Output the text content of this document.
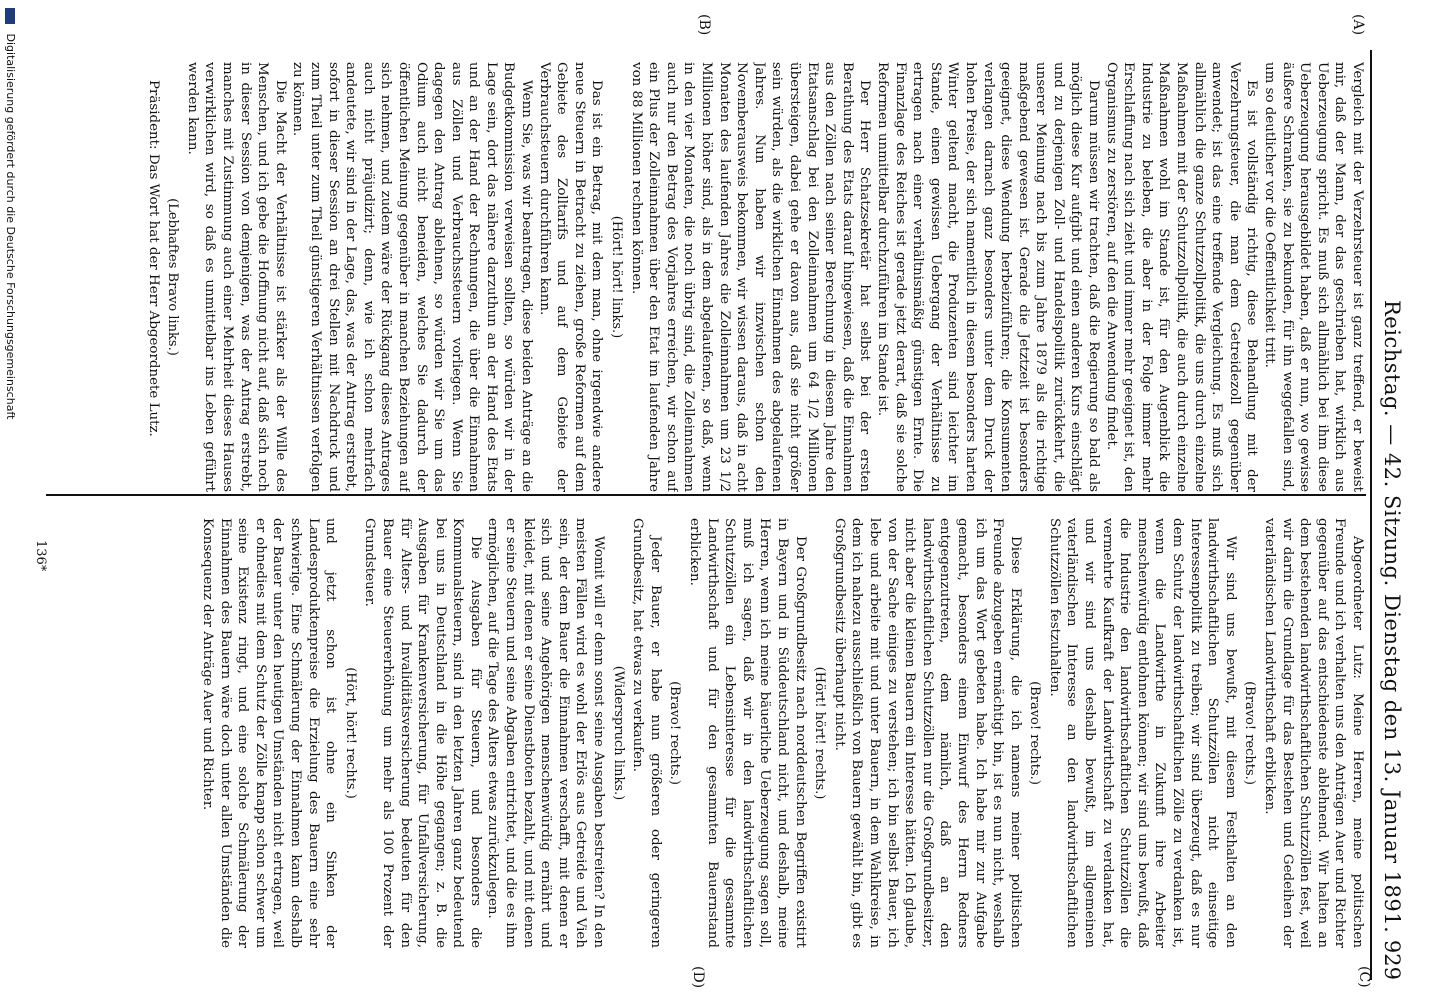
Reichstag. — 42. Sitzung. Dienstag den 13. Januar 1891.
929
(A)
(B)
(C)
(D)

Vergleich mit der Verzehrsteuer ist ganz treffend, er beweist mir, daß der Mann, der das geschrieben hat, wirklich aus Ueberzeugung spricht. Es muß sich allmählich bei ihm diese Ueberzeugung herausgebildet haben, daß er nun, wo gewisse äußere Schranken, sie zu bekunden, für ihn weggefallen sind, um so deutlicher vor die Oeffentlichkeit tritt.

Es ist vollständig richtig, diese Behandlung mit der Verzehrungsteuer, die man dem Getreidezoll gegenüber anwendet; ist das eine treffende Vergleichung. Es muß sich allmählich die ganze Schutzzollpolitik, die uns durch einzelne Maßnahmen mit der Schutzzollpolitik, die auch durch einzelne Maßnahmen wohl im Stande ist, für den Augenblick die Industrie zu beleben, die aber in der Folge immer mehr Erschlaffung nach sich zieht und immer mehr geeignet ist, den Organismus zu zerstören, auf den die Anwendung findet.

Darum müssen wir trachten, daß die Regierung so bald als möglich diese Kur aufgibt und einen anderen Kurs einschlägt und zu derjenigen Zoll- und Handelspolitik zurückkehrt, die unserer Meinung nach bis zum Jahre 1879 als die richtige maßgebend gewesen ist. Gerade die Jetztzeit ist besonders geeignet, diese Wendung herbeizuführen; die Konsumenten verlangen darnach ganz besonders unter dem Druck der hohen Preise, der sich namentlich in diesem besonders harten Winter geltend macht, die Produzenten sind leichter im Stande, einen gewissen Uebergang der Verhältnisse zu ertragen nach einer verhältnismäßig günstigen Ernte. Die Finanzlage des Reiches ist gerade jetzt derart, daß sie solche Reformen unmittelbar durchzuführen im Stande ist.

Der Herr Schatzsekretär hat selbst bei der ersten Berathung des Etats darauf hingewiesen, daß die Einnahmen aus den Zöllen nach seiner Berechnung in diesem Jahre den Etatsanschlag bei den Zolleinnahmen um 64 1/2 Millionen übersteigen, dabei gehe er davon aus, daß sie nicht größer sein würden, als die wirklichen Einnahmen des abgelaufenen Jahres. Nun haben wir inzwischen schon den Novemberausweis bekommen, wir wissen daraus, daß in acht Monaten des laufenden Jahres die Zolleinnahmen um 23 1/2 Millionen höher sind, als in dem abgelaufenen, so daß, wenn in den vier Monaten, die noch übrig sind, die Zolleinnahmen auch nur den Betrag des Vorjahres erreichen, wir schon auf ein Plus der Zolleinnahmen über den Etat im laufenden Jahre von 88 Millionen rechnen können.

(Hört! hört! links.)

Das ist ein Betrag, mit dem man, ohne irgendwie andere neue Steuern in Betracht zu ziehen, große Reformen auf dem Gebiete des Zolltarifs und auf dem Gebiete der Verbrauchsteuern durchführen kann.

Wenn Sie, was wir beantragen, diese beiden Anträge an die Budgetkommission verweisen sollten, so würden wir in der Lage sein, dort das nähere darzuthun an der Hand des Etats und an der Hand der Rechnungen, die über die Einnahmen aus Zöllen und Verbrauchssteuern vorliegen. Wenn Sie dagegen den Antrag ablehnen, so würden wir Sie um das Odium auch nicht beneiden, welches Sie dadurch der öffentlichen Meinung gegenüber in manchen Beziehungen auf sich nehmen, und zudem wäre der Rückgang dieses Antrages auch nicht präjudizirt; denn, wie ich schon mehrfach andeutete, wir sind in der Lage, das, was der Antrag erstrebt, sofort in dieser Session an drei Stellen mit Nachdruck und zum Theil unter zum Theil günstigeren Verhältnissen verfolgen zu können.

Die Macht der Verhältnisse ist stärker als der Wille des Menschen, und ich gebe die Hoffnung nicht auf, daß sich noch in dieser Session von demjenigen, was der Antrag erstrebt, manches mit Zustimmung auch einer Mehrheit dieses Hauses verwirklichen wird, so daß es unmittelbar ins Leben geführt werden kann.

(Lebhaftes Bravo links.)

Präsident: Das Wort hat der Herr Abgeordnete Lutz.

Abgeordneter Lutz: Meine Herren, meine politischen Freunde und ich verhalten uns den Anträgen Auer und Richter gegenüber auf das entschiedenste ablehnend. Wir halten an dem bestehenden landwirthschaftlichen Schutzzöllen fest, weil wir darin die Grundlage für das Bestehen und Gedeihen der vaterländischen Landwirthschaft erblicken.

(Bravo! rechts.)

Wir sind uns bewußt, mit diesem Festhalten an den landwirthschaftlichen Schutzzöllen nicht einseitige Interessenpolitik zu treiben; wir sind überzeugt, daß es nur dem Schutz der landwirthschaftlichen Zölle zu verdanken ist, wenn die Landwirthe in Zukunft ihre Arbeiter menschenwürdig entlohnen können; wir sind uns bewußt, daß die Industrie den landwirthschaftlichen Schutzzöllen die vermehrte Kaufkraft der Landwirthschaft zu verdanken hat, und wir sind uns deshalb bewußt, im allgemeinen vaterländischen Interesse an den landwirthschaftlichen Schutzzöllen festzuhalten.

(Bravo! rechts.)

Diese Erklärung, die ich namens meiner politischen Freunde abzugeben ermächtigt bin, ist es nun nicht, weshalb ich um das Wort gebeten habe. Ich habe mir zur Aufgabe gemacht, besonders einem Einwurf des Herrn Redners entgegenzutreten, dem nämlich, daß an den landwirthschaftlichen Schutzzöllen nur die Großgrundbesitzer, nicht aber die kleinen Bauern ein Interesse hätten. Ich glaube, von der Sache einiges zu verstehen; ich bin selbst Bauer, ich lebe und arbeite mit und unter Bauern, in dem Wahlkreise, in dem ich nahezu ausschließlich von Bauern gewählt bin, gibt es Großgrundbesitz überhaupt nicht.

(Hört! hört! rechts.)

Der Großgrundbesitz nach norddeutschen Begriffen existirt in Bayern und in Süddeutschland nicht, und deshalb, meine Herren, wenn ich meine bäuerliche Ueberzeugung sagen soll, muß ich sagen, daß wir in den landwirthschaftlichen Schutzzöllen ein Lebensinteresse für die gesammte Landwirthschaft und für den gesammten Bauernstand erblicken.

(Bravo! rechts.)

Jeder Bauer, er habe nun größeren oder geringeren Grundbesitz, hat etwas zu verkaufen.

(Widerspruch links.)

Womit will er denn sonst seine Ausgaben bestreiten? In den meisten Fällen wird es wohl der Erlös aus Getreide und Vieh sein, der dem Bauer die Einnahmen verschafft, mit denen er sich und seine Angehörigen menschenwürdig ernährt und kleidet, mit denen er seine Dienstboten bezahlt, und mit denen er seine Steuern und seine Abgaben entrichtet, und die es ihm ermöglichen, auf die Tage des Alters etwas zurückzulegen.

Die Ausgaben für Steuern, und besonders die Kommunalsteuern, sind in den letzten Jahren ganz bedeutend bei uns in Deutschland in die Höhe gegangen; z. B. die Ausgaben für Krankenversicherung, für Unfallversicherung, für Alters- und Invaliditätsversicherung bedeuten für den Bauer eine Steuererhöhung um mehr als 100 Prozent der Grundsteuer.

(Hört, hört! rechts.)

und jetzt schon ist ohne ein Sinken der Landesproduktenpreise die Erzielung des Bauern eine sehr schwierige. Eine Schmälerung der Einnahmen kann deshalb der Bauer unter den heutigen Umständen nicht ertragen, weil er ohnedies mit dem Schutz der Zölle knapp schon schwer um seine Existenz ringt, und eine solche Schmälerung der Einnahmen des Bauern wäre doch unter allen Umständen die Konsequenz der Anträge Auer und Richter.

136*
Digitalisierung gefördert durch die Deutsche Forschungsgemeinschaft
